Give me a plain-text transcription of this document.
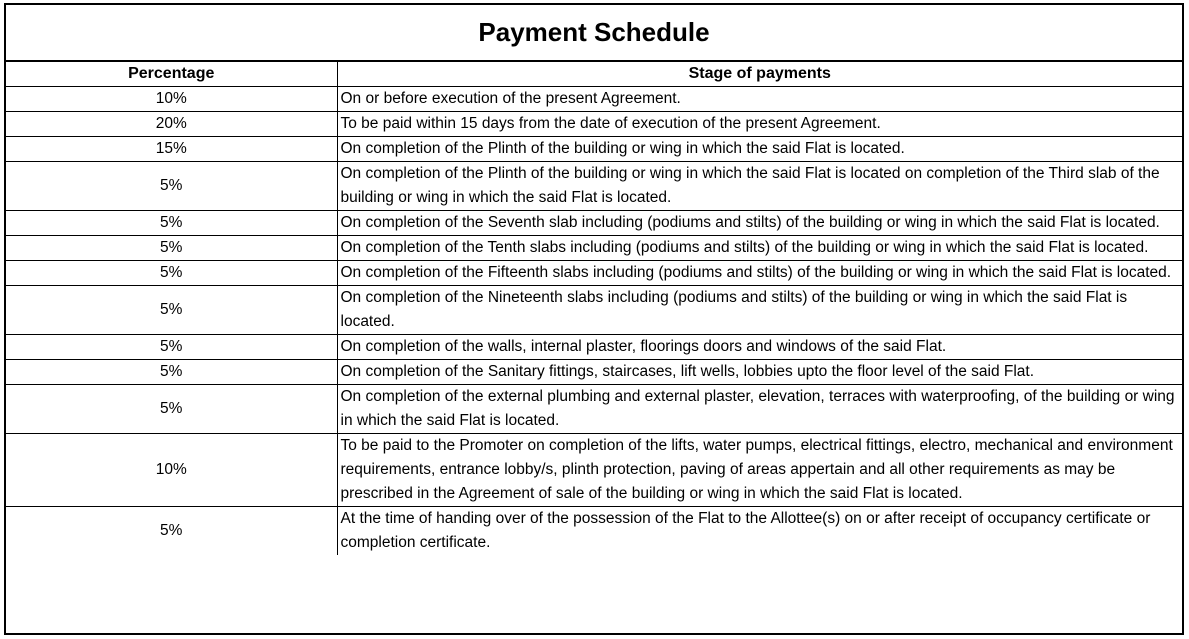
Payment Schedule
Percentage	Stage of payments
10%	On or before execution of the present Agreement.
20%	To be paid within 15 days from the date of execution of the present Agreement.
15%	On completion of the Plinth of the building or wing in which the said Flat is located.
5%	On completion of the Plinth of the building or wing in which the said Flat is located on completion of the Third slab of the building or wing in which the said Flat is located.
5%	On completion of the Seventh slab including (podiums and stilts) of the building or wing in which the said Flat is located.
5%	On completion of the Tenth slabs including (podiums and stilts) of the building or wing in which the said Flat is located.
5%	On completion of the Fifteenth slabs including (podiums and stilts) of the building or wing in which the said Flat is located.
5%	On completion of the Nineteenth slabs including (podiums and stilts) of the building or wing in which the said Flat is located.
5%	On completion of the walls, internal plaster, floorings doors and windows of the said Flat.
5%	On completion of the Sanitary fittings, staircases, lift wells, lobbies upto the floor level of the said Flat.
5%	On completion of the external plumbing and external plaster, elevation, terraces with waterproofing, of the building or wing in which the said Flat is located.
10%	To be paid to the Promoter on completion of the lifts, water pumps, electrical fittings, electro, mechanical and environment requirements, entrance lobby/s, plinth protection, paving of areas appertain and all other requirements as may be prescribed in the Agreement of sale of the building or wing in which the said Flat is located.
5%	At the time of handing over of the possession of the Flat to the Allottee(s) on or after receipt of occupancy certificate or completion certificate.
